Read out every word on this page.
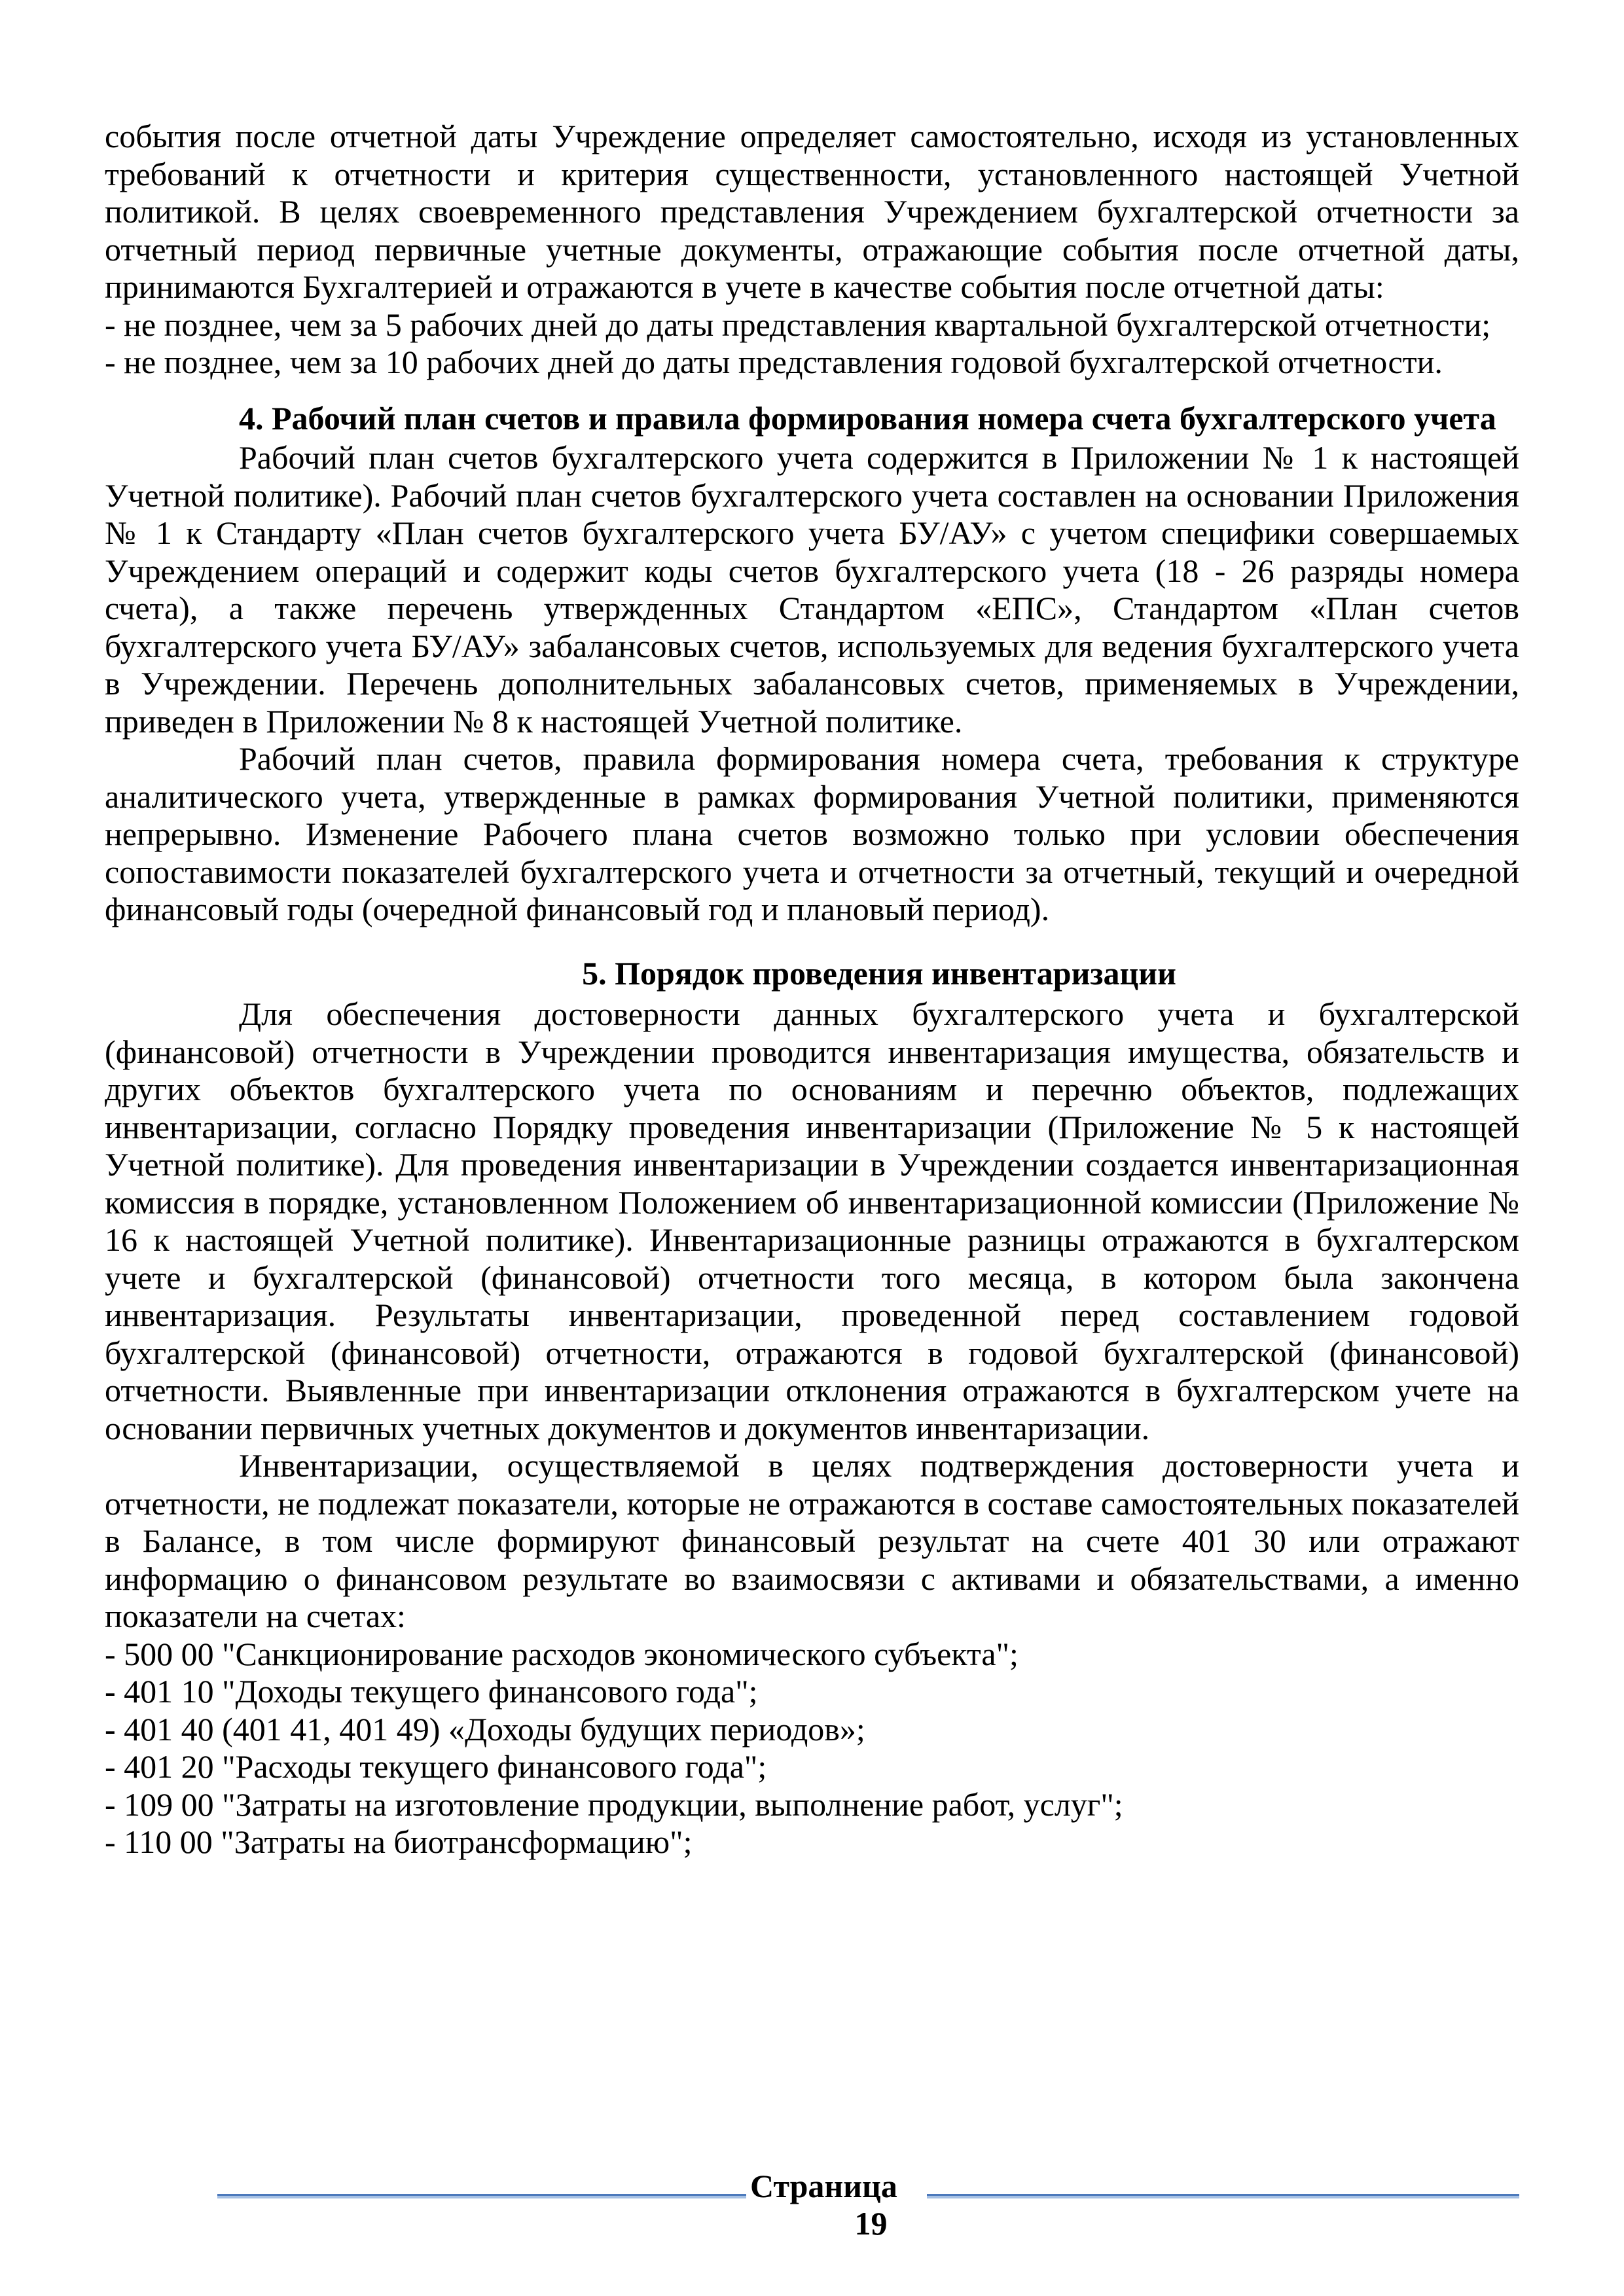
события после отчетной даты Учреждение определяет самостоятельно, исходя из установленных требований к отчетности и критерия существенности, установленного настоящей Учетной политикой. В целях своевременного представления Учреждением бухгалтерской отчетности за отчетный период первичные учетные документы, отражающие события после отчетной даты, принимаются Бухгалтерией и отражаются в учете в качестве события после отчетной даты:

- не позднее, чем за 5 рабочих дней до даты представления квартальной бухгалтерской отчетности;

- не позднее, чем за 10 рабочих дней до даты представления годовой бухгалтерской отчетности.

4. Рабочий план счетов и правила формирования номера счета бухгалтерского учета

Рабочий план счетов бухгалтерского учета содержится в Приложении № 1 к настоящей Учетной политике). Рабочий план счетов бухгалтерского учета составлен на основании Приложения № 1 к Стандарту «План счетов бухгалтерского учета БУ/АУ» с учетом специфики совершаемых Учреждением операций и содержит коды счетов бухгалтерского учета (18 - 26 разряды номера счета), а также перечень утвержденных Стандартом «ЕПС», Стандартом «План счетов бухгалтерского учета БУ/АУ» забалансовых счетов, используемых для ведения бухгалтерского учета в Учреждении. Перечень дополнительных забалансовых счетов, применяемых в Учреждении, приведен в Приложении № 8 к настоящей Учетной политике.

Рабочий план счетов, правила формирования номера счета, требования к структуре аналитического учета, утвержденные в рамках формирования Учетной политики, применяются непрерывно. Изменение Рабочего плана счетов возможно только при условии обеспечения сопоставимости показателей бухгалтерского учета и отчетности за отчетный, текущий и очередной финансовый годы (очередной финансовый год и плановый период).

5. Порядок проведения инвентаризации

Для обеспечения достоверности данных бухгалтерского учета и бухгалтерской (финансовой) отчетности в Учреждении проводится инвентаризация имущества, обязательств и других объектов бухгалтерского учета по основаниям и перечню объектов, подлежащих инвентаризации, согласно Порядку проведения инвентаризации (Приложение № 5 к настоящей Учетной политике). Для проведения инвентаризации в Учреждении создается инвентаризационная комиссия в порядке, установленном Положением об инвентаризационной комиссии (Приложение № 16 к настоящей Учетной политике). Инвентаризационные разницы отражаются в бухгалтерском учете и бухгалтерской (финансовой) отчетности того месяца, в котором была закончена инвентаризация. Результаты инвентаризации, проведенной перед составлением годовой бухгалтерской (финансовой) отчетности, отражаются в годовой бухгалтерской (финансовой) отчетности. Выявленные при инвентаризации отклонения отражаются в бухгалтерском учете на основании первичных учетных документов и документов инвентаризации.

Инвентаризации, осуществляемой в целях подтверждения достоверности учета и отчетности, не подлежат показатели, которые не отражаются в составе самостоятельных показателей в Балансе, в том числе формируют финансовый результат на счете 401 30 или отражают информацию о финансовом результате во взаимосвязи с активами и обязательствами, а именно показатели на счетах:

- 500 00 "Санкционирование расходов экономического субъекта";

- 401 10 "Доходы текущего финансового года";

- 401 40 (401 41, 401 49) «Доходы будущих периодов»;

- 401 20 "Расходы текущего финансового года";

- 109 00 "Затраты на изготовление продукции, выполнение работ, услуг";

- 110 00 "Затраты на биотрансформацию";

Страница
19
